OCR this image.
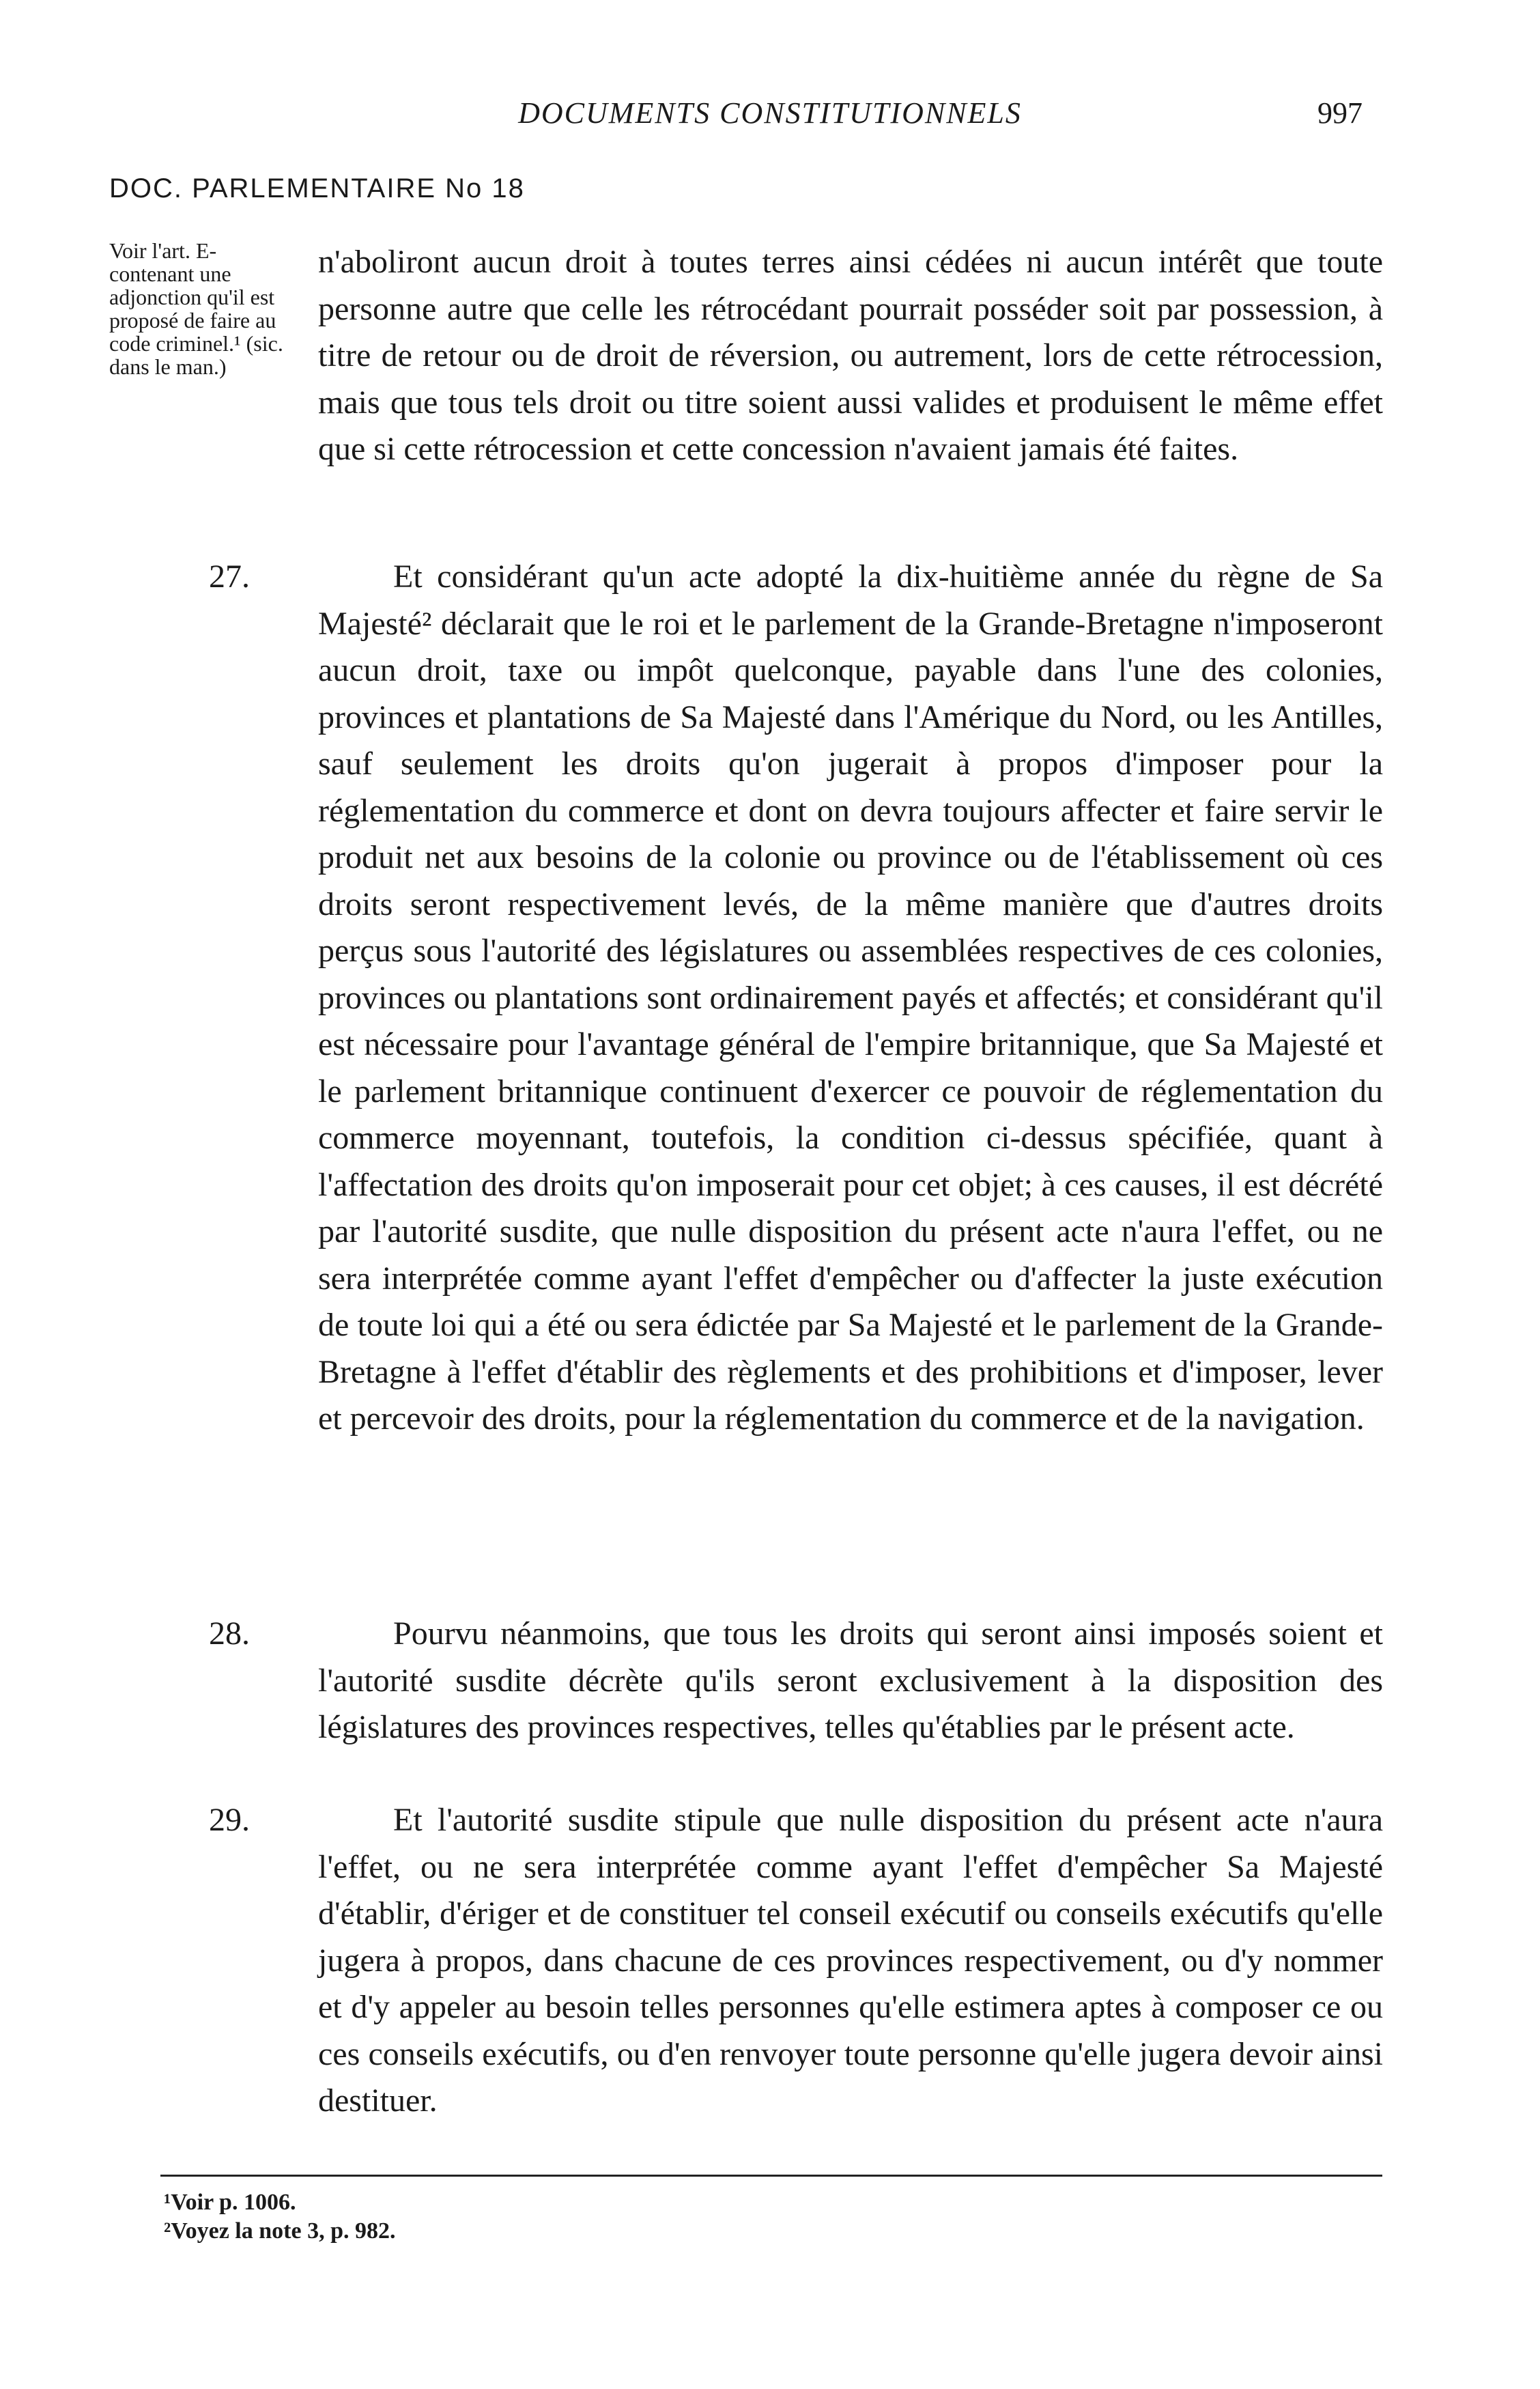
DOCUMENTS CONSTITUTIONNELS	997
DOC. PARLEMENTAIRE No 18
Voir l'art. E-contenant une adjonction qu'il est proposé de faire au code criminel.¹ (sic. dans le man.)

n'aboliront aucun droit à toutes terres ainsi cédées ni aucun intérêt que toute personne autre que celle les rétrocédant pourrait posséder soit par possession, à titre de retour ou de droit de réversion, ou autrement, lors de cette rétrocession, mais que tous tels droit ou titre soient aussi valides et produisent le même effet que si cette rétrocession et cette concession n'avaient jamais été faites.

27.	Et considérant qu'un acte adopté la dix-huitième année du règne de Sa Majesté² déclarait que le roi et le parlement de la Grande-Bretagne n'imposeront aucun droit, taxe ou impôt quelconque, payable dans l'une des colonies, provinces et plantations de Sa Majesté dans l'Amérique du Nord, ou les Antilles, sauf seulement les droits qu'on jugerait à propos d'imposer pour la réglementation du commerce et dont on devra toujours affecter et faire servir le produit net aux besoins de la colonie ou province ou de l'établissement où ces droits seront respectivement levés, de la même manière que d'autres droits perçus sous l'autorité des législatures ou assemblées respectives de ces colonies, provinces ou plantations sont ordinairement payés et affectés; et considérant qu'il est nécessaire pour l'avantage général de l'empire britannique, que Sa Majesté et le parlement britannique continuent d'exercer ce pouvoir de réglementation du commerce moyennant, toutefois, la condition ci-dessus spécifiée, quant à l'affectation des droits qu'on imposerait pour cet objet; à ces causes, il est décrété par l'autorité susdite, que nulle disposition du présent acte n'aura l'effet, ou ne sera interprétée comme ayant l'effet d'empêcher ou d'affecter la juste exécution de toute loi qui a été ou sera édictée par Sa Majesté et le parlement de la Grande-Bretagne à l'effet d'établir des règlements et des prohibitions et d'imposer, lever et percevoir des droits, pour la réglementation du commerce et de la navigation.

28.	Pourvu néanmoins, que tous les droits qui seront ainsi imposés soient et l'autorité susdite décrète qu'ils seront exclusivement à la disposition des législatures des provinces respectives, telles qu'établies par le présent acte.

29.	Et l'autorité susdite stipule que nulle disposition du présent acte n'aura l'effet, ou ne sera interprétée comme ayant l'effet d'empêcher Sa Majesté d'établir, d'ériger et de constituer tel conseil exécutif ou conseils exécutifs qu'elle jugera à propos, dans chacune de ces provinces respectivement, ou d'y nommer et d'y appeler au besoin telles personnes qu'elle estimera aptes à composer ce ou ces conseils exécutifs, ou d'en renvoyer toute personne qu'elle jugera devoir ainsi destituer.

¹Voir p. 1006.
²Voyez la note 3, p. 982.
